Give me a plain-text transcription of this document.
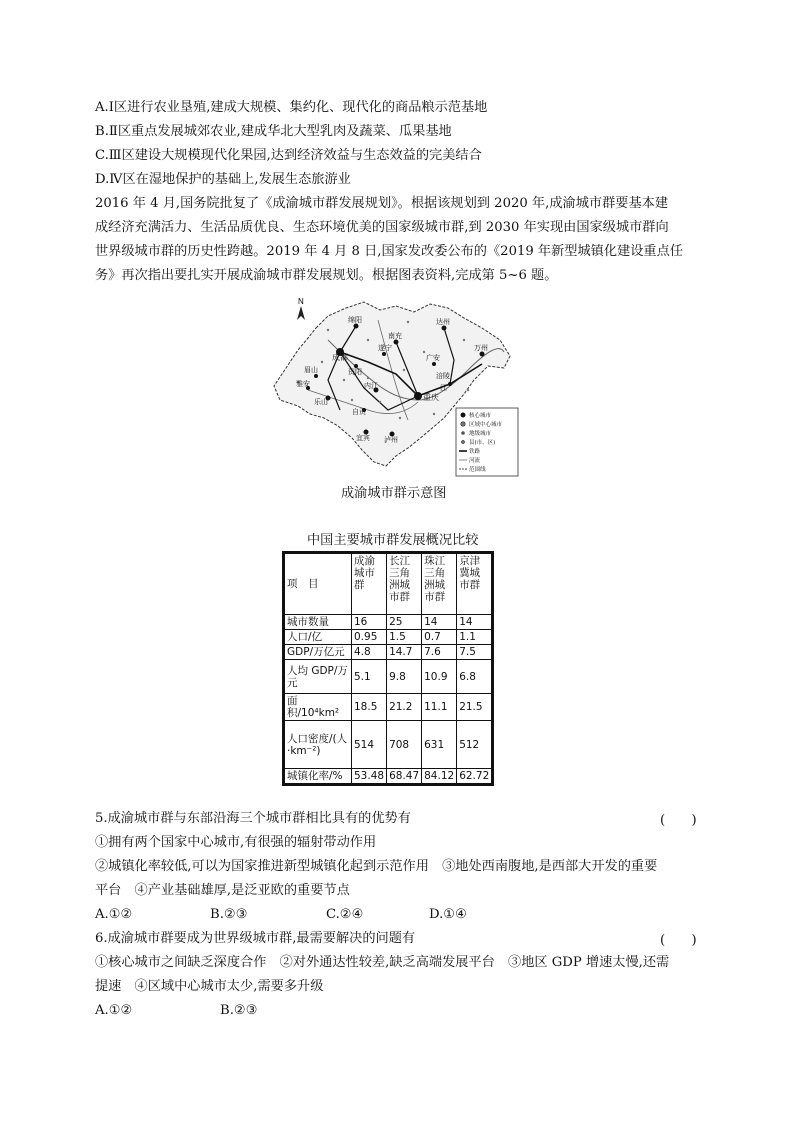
A.Ⅰ区进行农业垦殖,建成大规模、集约化、现代化的商品粮示范基地
B.Ⅱ区重点发展城郊农业,建成华北大型乳肉及蔬菜、瓜果基地
C.Ⅲ区建设大规模现代化果园,达到经济效益与生态效益的完美结合
D.Ⅳ区在湿地保护的基础上,发展生态旅游业
2016 年 4 月,国务院批复了《成渝城市群发展规划》。根据该规划到 2020 年,成渝城市群要基本建
成经济充满活力、生活品质优良、生态环境优美的国家级城市群,到 2030 年实现由国家级城市群向
世界级城市群的历史性跨越。2019 年 4 月 8 日,国家发改委公布的《2019 年新型城镇化建设重点任
务》再次指出要扎实开展成渝城市群发展规划。根据图表资料,完成第 5~6 题。
N
绵阳
南充
达州
遂宁	万州
成都	广安
眉山	资阳	涪陵
雅安
乐山
内江
重庆
自贡
宜宾 泸州
江
核心城市
区域中心城市
地级城市
县(市、区)
铁路
河流
范围线
成渝城市群示意图
中国主要城市群发展概况比较
项　目	成渝城市群	长江三角洲城市群	珠江三角洲城市群	京津冀城市群
城市数量	16	25	14	14
人口/亿	0.95	1.5	0.7	1.1
GDP/万亿元	4.8	14.7	7.6	7.5
人均 GDP/万元	5.1	9.8	10.9	6.8
面积/10⁴km²	18.5	21.2	11.1	21.5
人口密度/(人·km⁻²)	514	708	631	512
城镇化率/%	53.48	68.47	84.12	62.72
5.成渝城市群与东部沿海三个城市群相比具有的优势有	(　　)
①拥有两个国家中心城市,有很强的辐射带动作用
②城镇化率较低,可以为国家推进新型城镇化起到示范作用　③地处西南腹地,是西部大开发的重要
平台　④产业基础雄厚,是泛亚欧的重要节点
A.①②	B.②③	C.②④	D.①④
6.成渝城市群要成为世界级城市群,最需要解决的问题有	(　　)
①核心城市之间缺乏深度合作　②对外通达性较差,缺乏高端发展平台　③地区 GDP 增速太慢,还需
提速　④区域中心城市太少,需要多升级
A.①②	B.②③
